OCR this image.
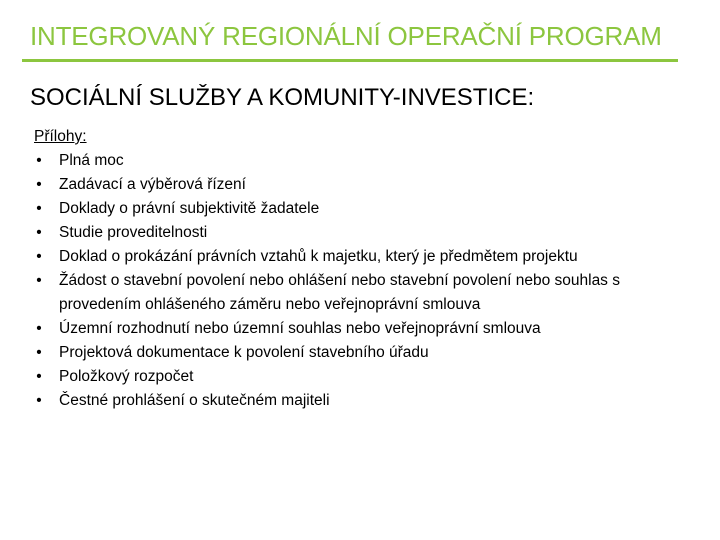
INTEGROVANÝ REGIONÁLNÍ OPERAČNÍ PROGRAM
SOCIÁLNÍ SLUŽBY A KOMUNITY-INVESTICE:
Přílohy:
• Plná moc
• Zadávací a výběrová řízení
• Doklady o právní subjektivitě žadatele
• Studie proveditelnosti
• Doklad o prokázání právních vztahů k majetku, který je předmětem projektu
• Žádost o stavební povolení nebo ohlášení nebo stavební povolení nebo souhlas s provedením ohlášeného záměru nebo veřejnoprávní smlouva
• Územní rozhodnutí nebo územní souhlas nebo veřejnoprávní smlouva
• Projektová dokumentace k povolení stavebního úřadu
• Položkový rozpočet
• Čestné prohlášení o skutečném majiteli
